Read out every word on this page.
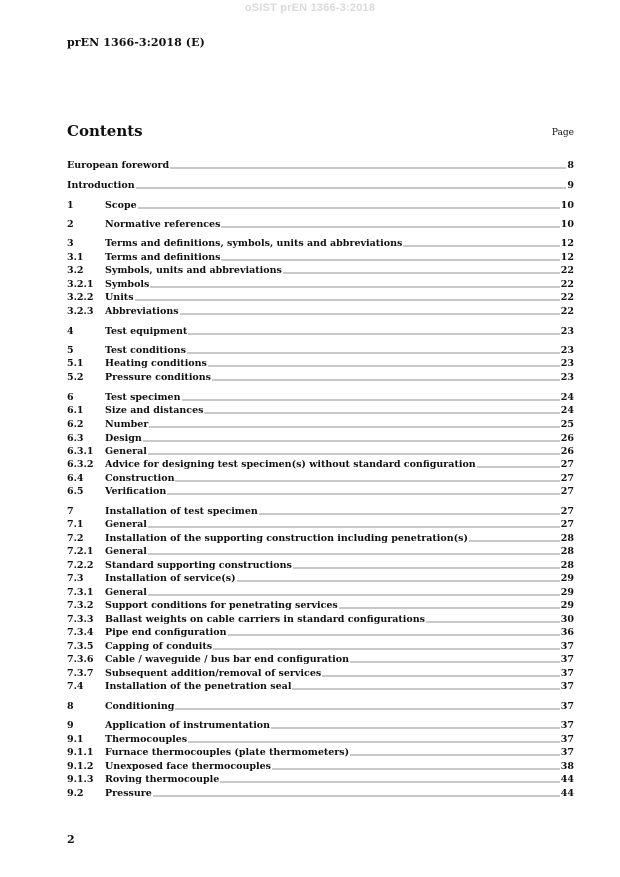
oSIST prEN 1366-3:2018
prEN 1366-3:2018 (E)
Contents	Page
European foreword	8
Introduction	9
1	Scope	10
2	Normative references	10
3	Terms and definitions, symbols, units and abbreviations	12
3.1	Terms and definitions	12
3.2	Symbols, units and abbreviations	22
3.2.1	Symbols	22
3.2.2	Units	22
3.2.3	Abbreviations	22
4	Test equipment	23
5	Test conditions	23
5.1	Heating conditions	23
5.2	Pressure conditions	23
6	Test specimen	24
6.1	Size and distances	24
6.2	Number	25
6.3	Design	26
6.3.1	General	26
6.3.2	Advice for designing test specimen(s) without standard configuration	27
6.4	Construction	27
6.5	Verification	27
7	Installation of test specimen	27
7.1	General	27
7.2	Installation of the supporting construction including penetration(s)	28
7.2.1	General	28
7.2.2	Standard supporting constructions	28
7.3	Installation of service(s)	29
7.3.1	General	29
7.3.2	Support conditions for penetrating services	29
7.3.3	Ballast weights on cable carriers in standard configurations	30
7.3.4	Pipe end configuration	36
7.3.5	Capping of conduits	37
7.3.6	Cable / waveguide / bus bar end configuration	37
7.3.7	Subsequent addition/removal of services	37
7.4	Installation of the penetration seal	37
8	Conditioning	37
9	Application of instrumentation	37
9.1	Thermocouples	37
9.1.1	Furnace thermocouples (plate thermometers)	37
9.1.2	Unexposed face thermocouples	38
9.1.3	Roving thermocouple	44
9.2	Pressure	44
2
